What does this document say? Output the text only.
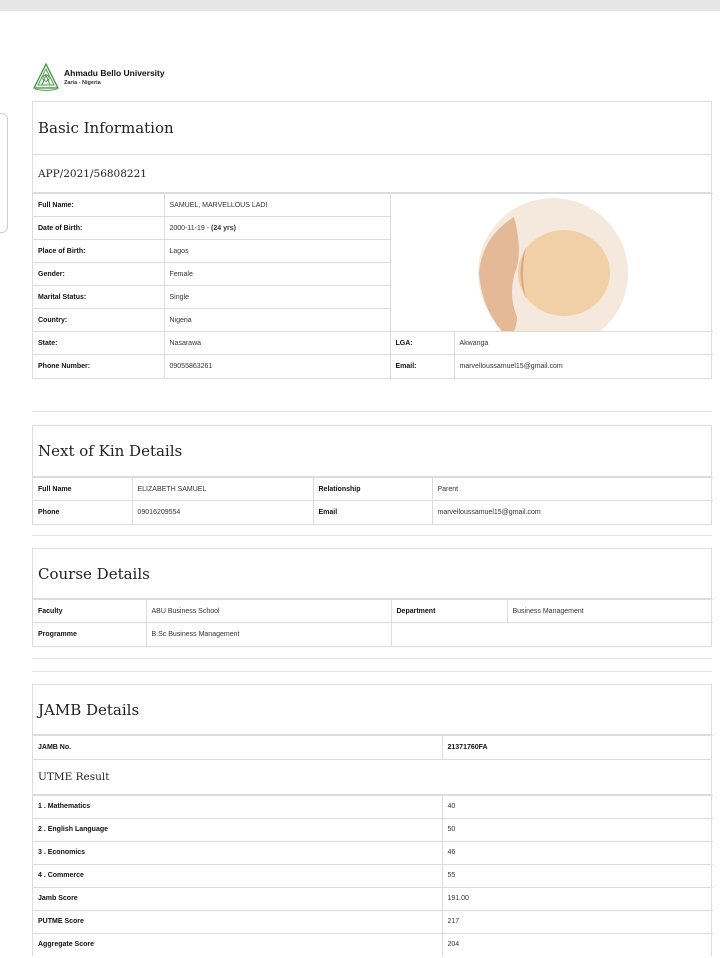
Ahmadu Bello University
Zaria - Nigeria
Basic Information
APP/2021/56808221
Full Name:	SAMUEL, MARVELLOUS LADI	

Date of Birth:	2000-11-19 - (24 yrs)		
Place of Birth:	Lagos		
Gender:	Female		
Marital Status:	Single		
Country:	Nigeria		
State:	Nasarawa	LGA:	Akwanga
Phone Number:	09055863261	Email:	marvelloussamuel15@gmail.com
Next of Kin Details
Full Name	ELIZABETH SAMUEL	Relationship	Parent
Phone	09016209554	Email	marvelloussamuel15@gmail.com
Course Details
Faculty	ABU Business School	Department	Business Management
Programme	B.Sc Business Management		
JAMB Details
JAMB No.	21371760FA
UTME Result
1 . Mathematics	40
2 . English Language	50
3 . Economics	46
4 . Commerce	55
Jamb Score	191.00
PUTME Score	217
Aggregate Score	204
